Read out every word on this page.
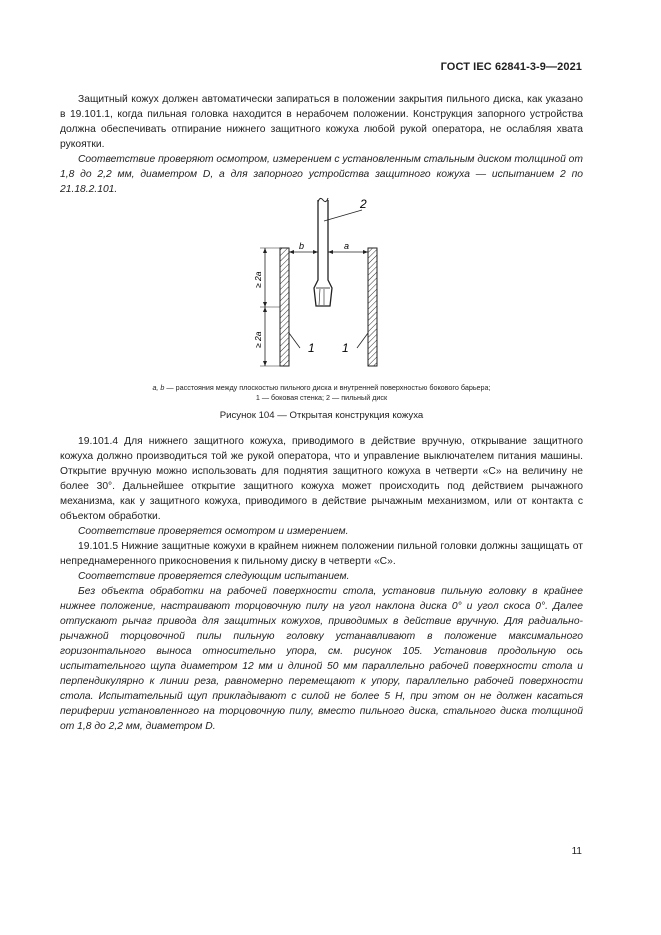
ГОСТ IEC 62841-3-9—2021

Защитный кожух должен автоматически запираться в положении закрытия пильного диска, как указано в 19.101.1, когда пильная головка находится в нерабочем положении. Конструкция запорного устройства должна обеспечивать отпирание нижнего защитного кожуха любой рукой оператора, не ослабляя хвата рукоятки.

Соответствие проверяют осмотром, измерением с установленным стальным диском толщиной от 1,8 до 2,2 мм, диаметром D, а для запорного устройства защитного кожуха — испытанием 2 по 21.18.2.101.

2
b	a
≥ 2a
≥ 2a	1 1
a, b — расстояния между плоскостью пильного диска и внутренней поверхностью бокового барьера;
1 — боковая стенка; 2 — пильный диск
Рисунок 104 — Открытая конструкция кожуха

19.101.4 Для нижнего защитного кожуха, приводимого в действие вручную, открывание защитного кожуха должно производиться той же рукой оператора, что и управление выключателем питания машины. Открытие вручную можно использовать для поднятия защитного кожуха в четверти «C» на величину не более 30°. Дальнейшее открытие защитного кожуха может происходить под действием рычажного механизма, как у защитного кожуха, приводимого в действие рычажным механизмом, или от контакта с объектом обработки.

Соответствие проверяется осмотром и измерением.

19.101.5 Нижние защитные кожухи в крайнем нижнем положении пильной головки должны защищать от непреднамеренного прикосновения к пильному диску в четверти «C».

Соответствие проверяется следующим испытанием.

Без объекта обработки на рабочей поверхности стола, установив пильную головку в крайнее нижнее положение, настраивают торцовочную пилу на угол наклона диска 0° и угол скоса 0°. Далее отпускают рычаг привода для защитных кожухов, приводимых в действие вручную. Для радиально-рычажной торцовочной пилы пильную головку устанавливают в положение максимального горизонтального выноса относительно упора, см. рисунок 105. Установив продольную ось испытательного щупа диаметром 12 мм и длиной 50 мм параллельно рабочей поверхности стола и перпендикулярно к линии реза, равномерно перемещают к упору, параллельно рабочей поверхности стола. Испытательный щуп прикладывают с силой не более 5 Н, при этом он не должен касаться периферии установленного на торцовочную пилу, вместо пильного диска, стального диска толщиной от 1,8 до 2,2 мм, диаметром D.

11
